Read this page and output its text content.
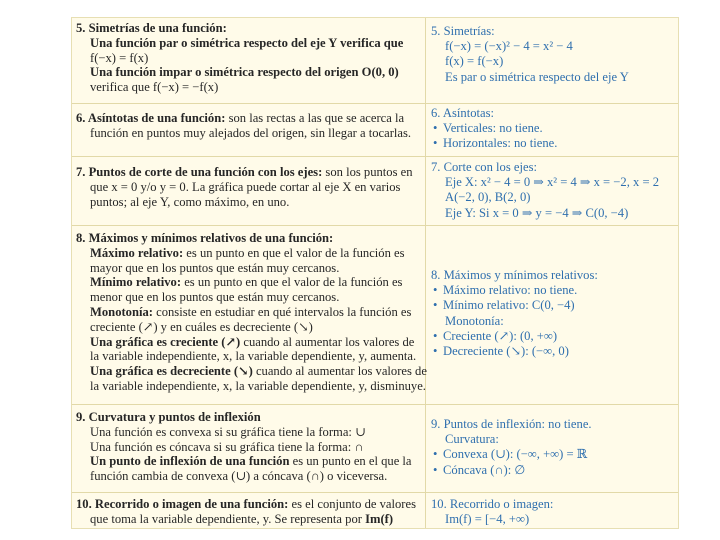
5. Simetrías de una función:

Una función par o simétrica respecto del eje Y verifica que

f(−x) = f(x)

Una función impar o simétrica respecto del origen O(0, 0)

verifica que f(−x) = −f(x)

6. Asíntotas de una función: son las rectas a las que se acerca la

función en puntos muy alejados del origen, sin llegar a tocarlas.

7. Puntos de corte de una función con los ejes: son los puntos en

que x = 0 y/o y = 0. La gráfica puede cortar al eje X en varios

puntos; al eje Y, como máximo, en uno.

8. Máximos y mínimos relativos de una función:

Máximo relativo: es un punto en que el valor de la función es

mayor que en los puntos que están muy cercanos.

Mínimo relativo: es un punto en que el valor de la función es

menor que en los puntos que están muy cercanos.

Monotonía: consiste en estudiar en qué intervalos la función es

creciente (↗) y en cuáles es decreciente (↘)

Una gráfica es creciente (↗) cuando al aumentar los valores de

la variable independiente, x, la variable dependiente, y, aumenta.

Una gráfica es decreciente (↘) cuando al aumentar los valores de

la variable independiente, x, la variable dependiente, y, disminuye.

9. Curvatura y puntos de inflexión

Una función es convexa si su gráfica tiene la forma: ∪

Una función es cóncava si su gráfica tiene la forma: ∩

Un punto de inflexión de una función es un punto en el que la

función cambia de convexa (∪) a cóncava (∩) o viceversa.

10. Recorrido o imagen de una función: es el conjunto de valores

que toma la variable dependiente, y. Se representa por Im(f)

5. Simetrías:

f(−x) = (−x)² − 4 = x² − 4

f(x) = f(−x)

Es par o simétrica respecto del eje Y

6. Asíntotas:

• Verticales: no tiene.

• Horizontales: no tiene.

7. Corte con los ejes:

Eje X: x² − 4 = 0 ⇒ x² = 4 ⇒ x = −2, x = 2

A(−2, 0), B(2, 0)

Eje Y: Si x = 0 ⇒ y = −4 ⇒ C(0, −4)

8. Máximos y mínimos relativos:

• Máximo relativo: no tiene.

• Mínimo relativo: C(0, −4)

Monotonía:

• Creciente (↗): (0, +∞)

• Decreciente (↘): (−∞, 0)

9. Puntos de inflexión: no tiene.

Curvatura:

• Convexa (∪): (−∞, +∞) = ℝ

• Cóncava (∩): ∅

10. Recorrido o imagen:

Im(f) = [−4, +∞)
